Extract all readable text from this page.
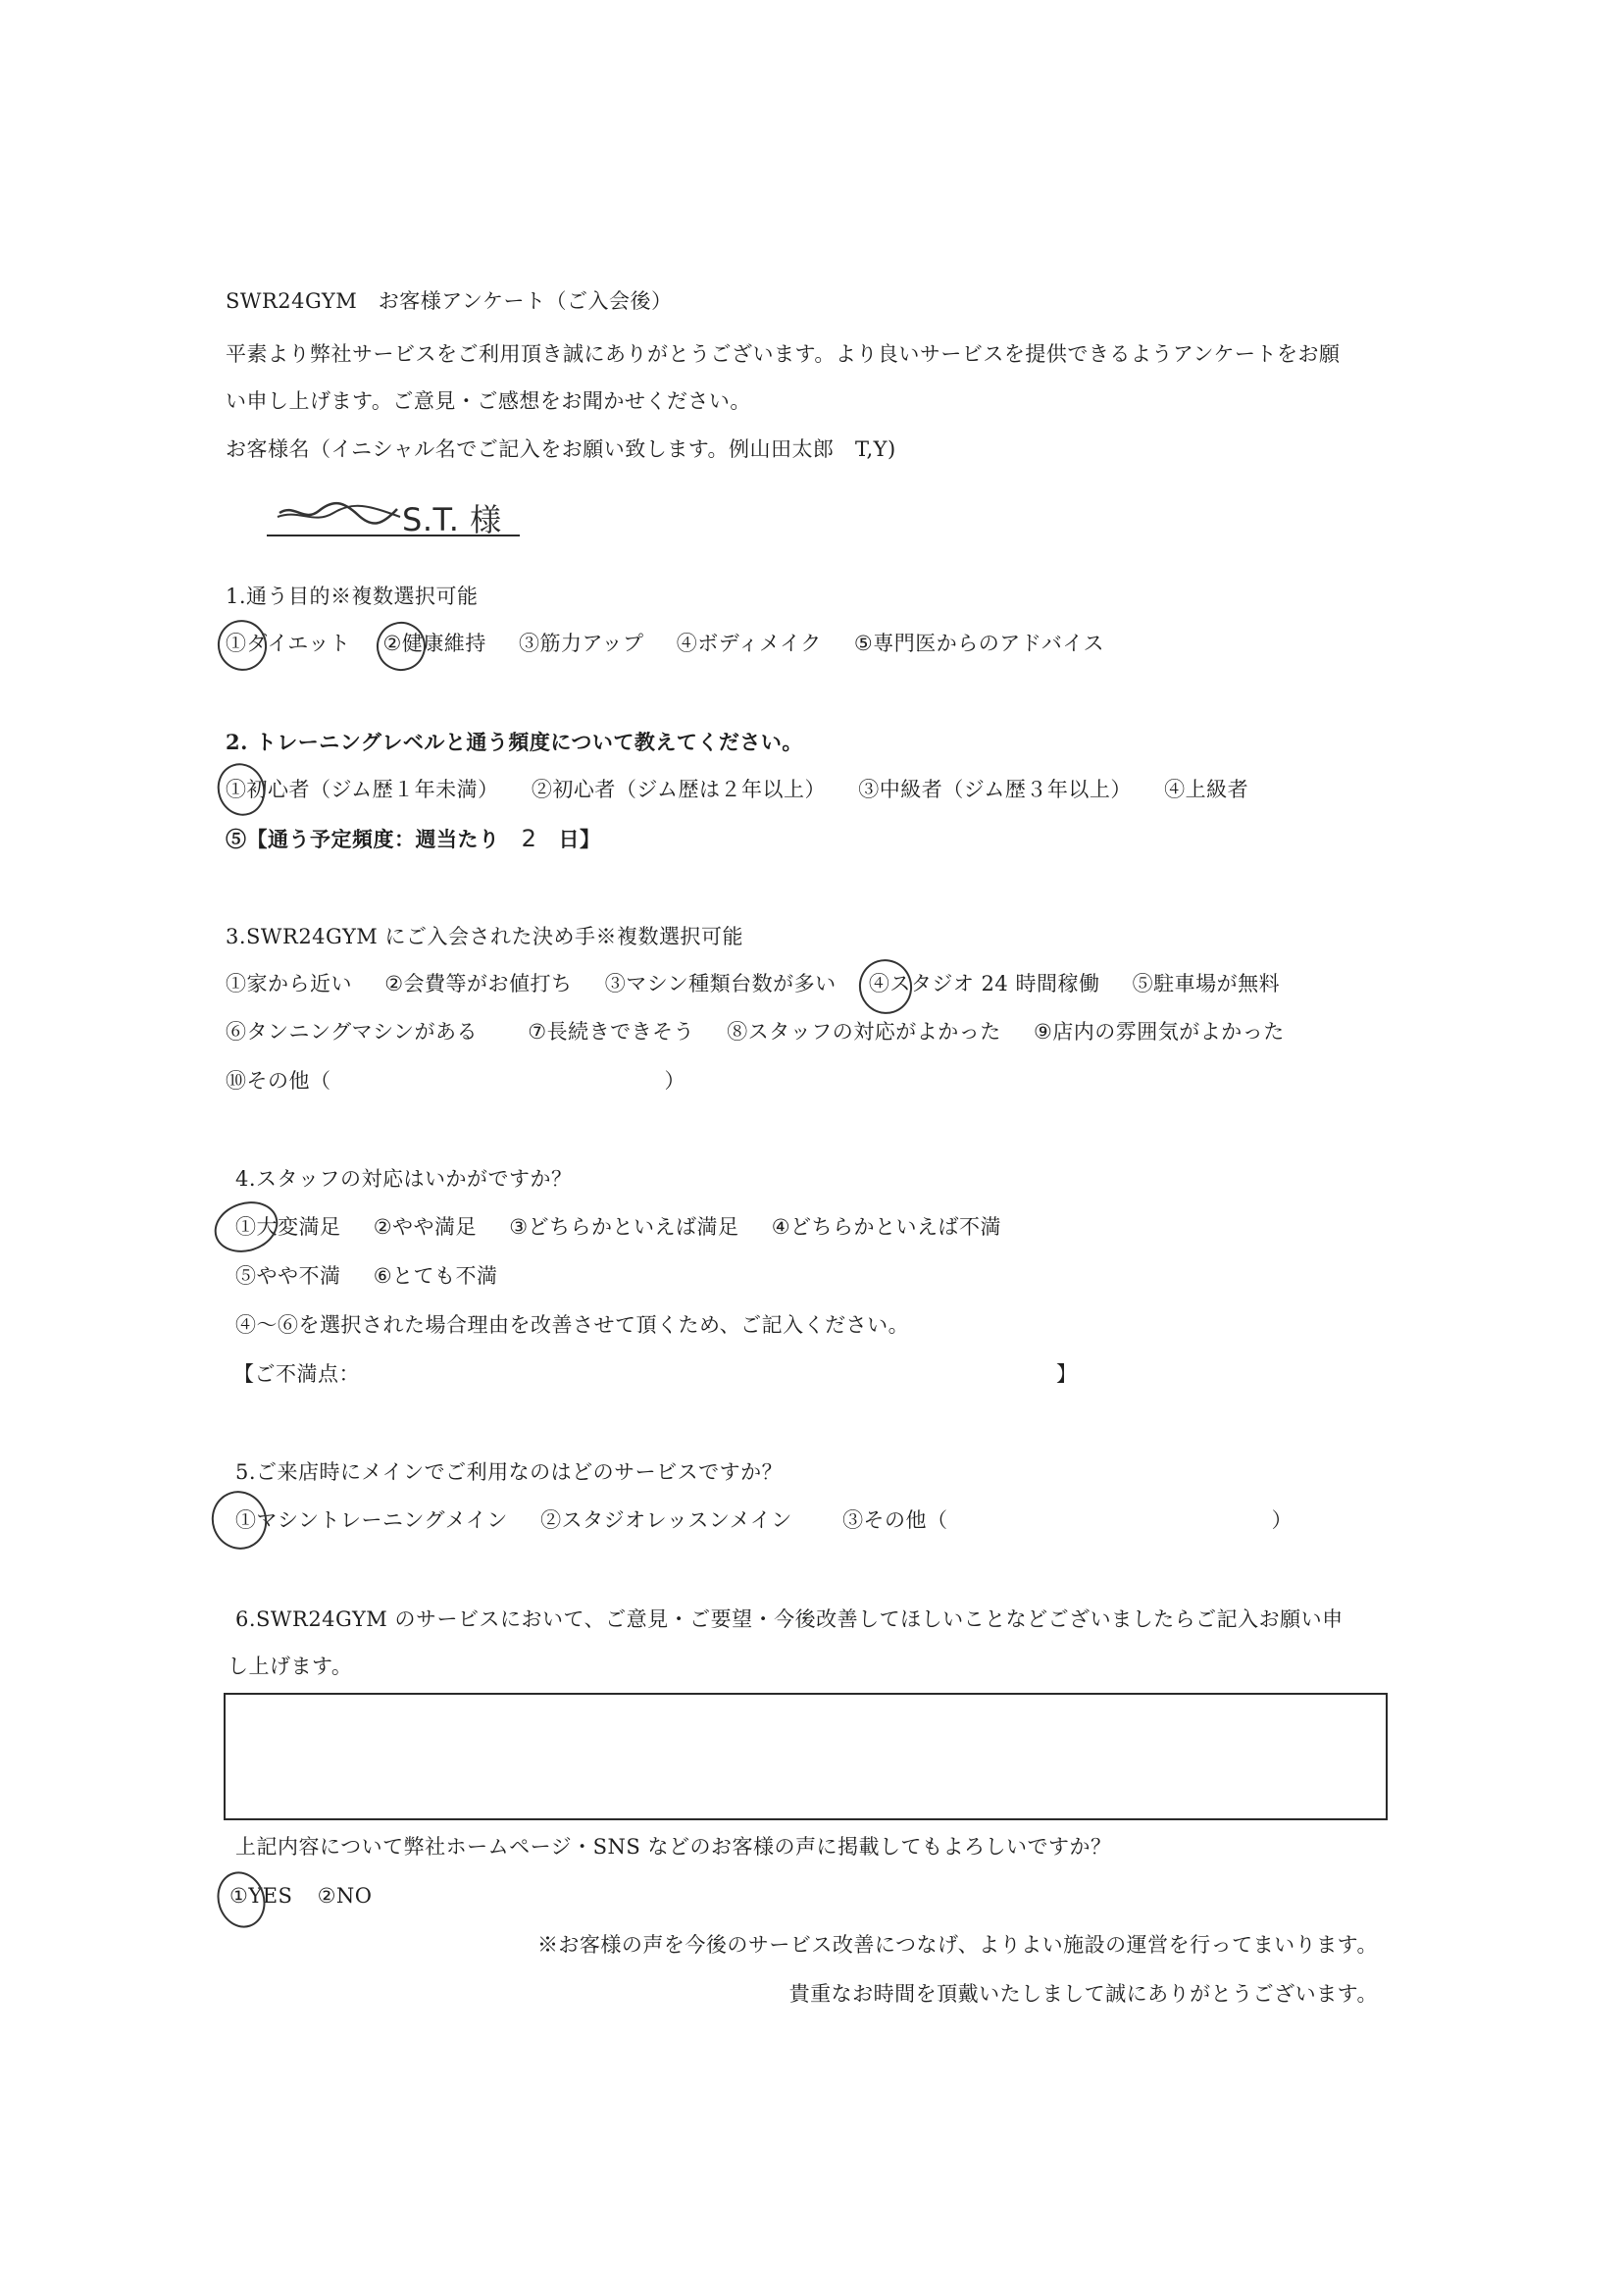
SWR24GYM　お客様アンケート（ご入会後）
平素より弊社サービスをご利用頂き誠にありがとうございます。より良いサービスを提供できるようアンケートをお願
い申し上げます。ご意見・ご感想をお聞かせください。
お客様名（イニシャル名でご記入をお願い致します。例山田太郎　T,Y)
S.T. 様
1.通う目的※複数選択可能
①ダイエット ②健康維持 ③筋力アップ ④ボディメイク ⑤専門医からのアドバイス
2. トレーニングレベルと通う頻度について教えてください。
①初心者（ジム歴１年未満） ②初心者（ジム歴は２年以上） ③中級者（ジム歴３年以上） ④上級者
⑤【通う予定頻度：週当たり 2 日】
3.SWR24GYM にご入会された決め手※複数選択可能
①家から近い ②会費等がお値打ち ③マシン種類台数が多い ④スタジオ 24 時間稼働 ⑤駐車場が無料
⑥タンニングマシンがある ⑦長続きできそう ⑧スタッフの対応がよかった ⑨店内の雰囲気がよかった
⑩その他（	）
4.スタッフの対応はいかがですか？
①大変満足 ②やや満足 ③どちらかといえば満足 ④どちらかといえば不満
⑤やや不満 ⑥とても不満
④〜⑥を選択された場合理由を改善させて頂くため、ご記入ください。
【ご不満点：	】
5.ご来店時にメインでご利用なのはどのサービスですか？
①マシントレーニングメイン ②スタジオレッスンメイン ③その他（	）
6.SWR24GYM のサービスにおいて、ご意見・ご要望・今後改善してほしいことなどございましたらご記入お願い申
し上げます。
上記内容について弊社ホームページ・SNS などのお客様の声に掲載してもよろしいですか？
①YES ②NO
※お客様の声を今後のサービス改善につなげ、よりよい施設の運営を行ってまいります。
貴重なお時間を頂戴いたしまして誠にありがとうございます。
